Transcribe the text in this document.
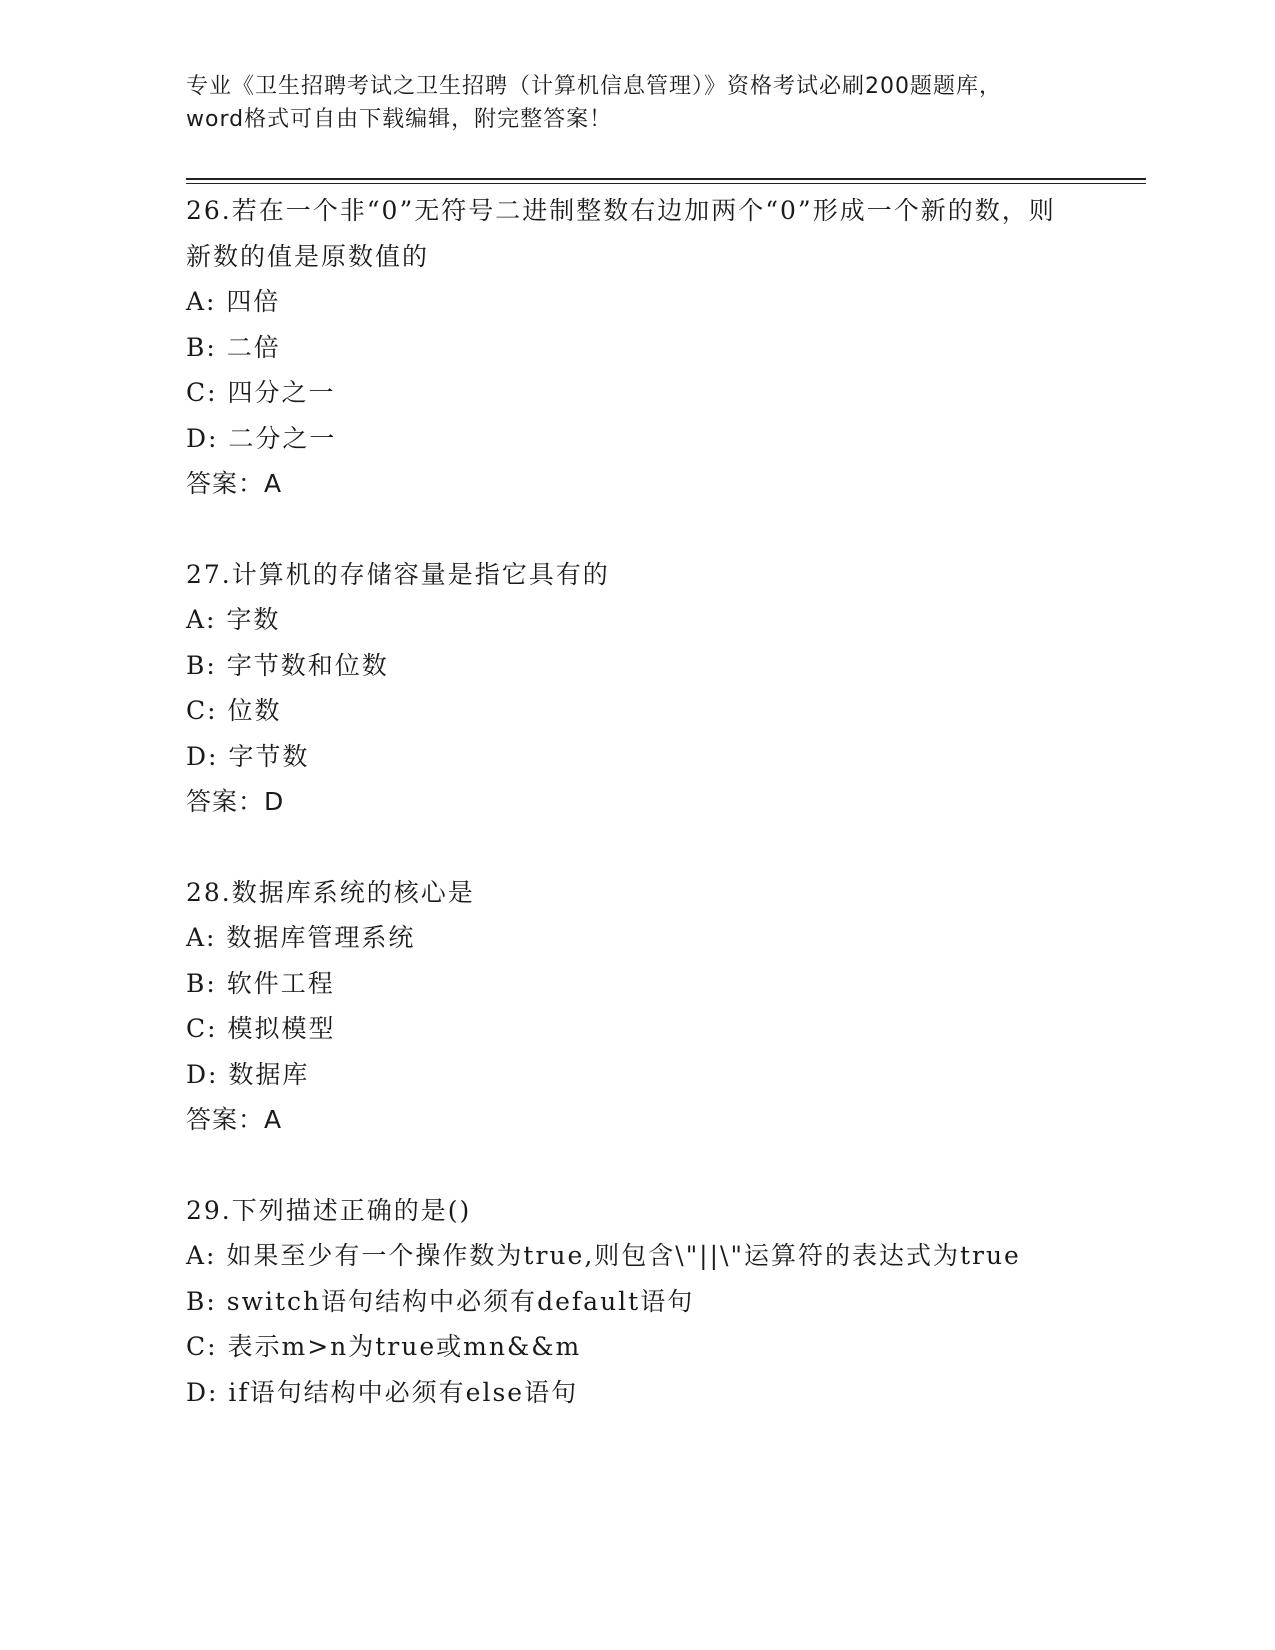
专业《卫生招聘考试之卫生招聘（计算机信息管理）》资格考试必刷200题题库，
word格式可自由下载编辑，附完整答案！
26.若在一个非“0”无符号二进制整数右边加两个“0”形成一个新的数，则新数的值是原数值的
A: 四倍
B: 二倍
C: 四分之一
D: 二分之一
答案：A
27.计算机的存储容量是指它具有的
A: 字数
B: 字节数和位数
C: 位数
D: 字节数
答案：D
28.数据库系统的核心是
A: 数据库管理系统
B: 软件工程
C: 模拟模型
D: 数据库
答案：A
29.下列描述正确的是()
A: 如果至少有一个操作数为true,则包含\"||\"运算符的表达式为true
B: switch语句结构中必须有default语句
C: 表示m>n为true或mn&&m
D: if语句结构中必须有else语句
